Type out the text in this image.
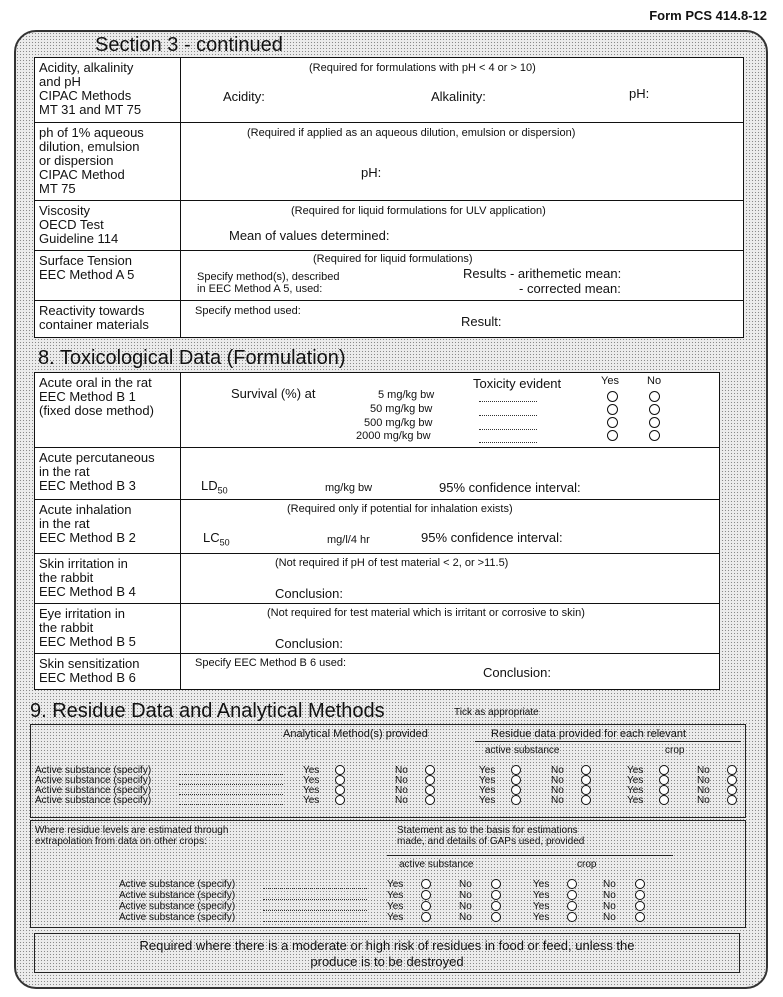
Form PCS 414.8-12
Section 3 - continued
Acidity, alkalinity
and pH
CIPAC Methods
MT 31 and MT 75
(Required for formulations with pH < 4 or > 10)
Acidity:	Alkalinity:	pH:
ph of 1% aqueous
dilution, emulsion
or dispersion
CIPAC Method
MT 75
(Required if applied as an aqueous dilution, emulsion or dispersion)
pH:
Viscosity
OECD Test
Guideline 114
(Required for liquid formulations for ULV application)
Mean of values determined:
Surface Tension
EEC Method A 5
(Required for liquid formulations)
Specify method(s), described
in EEC Method A 5, used:
Results - arithemetic mean:
- corrected mean:
Reactivity towards
container materials
Specify method used:
Result:
8. Toxicological Data (Formulation)
Acute oral in the rat
EEC Method B 1
(fixed dose method)
Survival (%) at
Toxicity evident	Yes	No
5 mg/kg bw
50 mg/kg bw
500 mg/kg bw
2000 mg/kg bw
Acute percutaneous
in the rat
EEC Method B 3	$LD_{50}$	mg/kg bw	95% confidence interval:
Acute inhalation
in the rat
EEC Method B 2
(Required only if potential for inhalation exists)
$LC_{50}$	mg/l/4 hr	95% confidence interval:
Skin irritation in
the rabbit
EEC Method B 4
(Not required if pH of test material < 2, or >11.5)
Conclusion:
Eye irritation in
the rabbit
EEC Method B 5
(Not required for test material which is irritant or corrosive to skin)
Conclusion:
Skin sensitization
EEC Method B 6
Specify EEC Method B 6 used:
Conclusion:
9. Residue Data and Analytical Methods	Tick as appropriate
Analytical Method(s) provided	Residue data provided for each relevant
active substance	crop
Active substance (specify)	Yes	No	Yes	No	Yes	No
Active substance (specify)	Yes	No	Yes	No	Yes	No
Active substance (specify)	Yes	No	Yes	No	Yes	No
Active substance (specify)	Yes	No	Yes	No	Yes	No
Where residue levels are estimated through
extrapolation from data on other crops:
Statement as to the basis for estimations
made, and details of GAPs used, provided
active substance	crop
Active substance (specify)	Yes	No	Yes	No
Active substance (specify)	Yes	No	Yes	No
Active substance (specify)	Yes	No	Yes	No
Active substance (specify)	Yes	No	Yes	No
Required where there is a moderate or high risk of residues in food or feed, unless the
produce is to be destroyed
